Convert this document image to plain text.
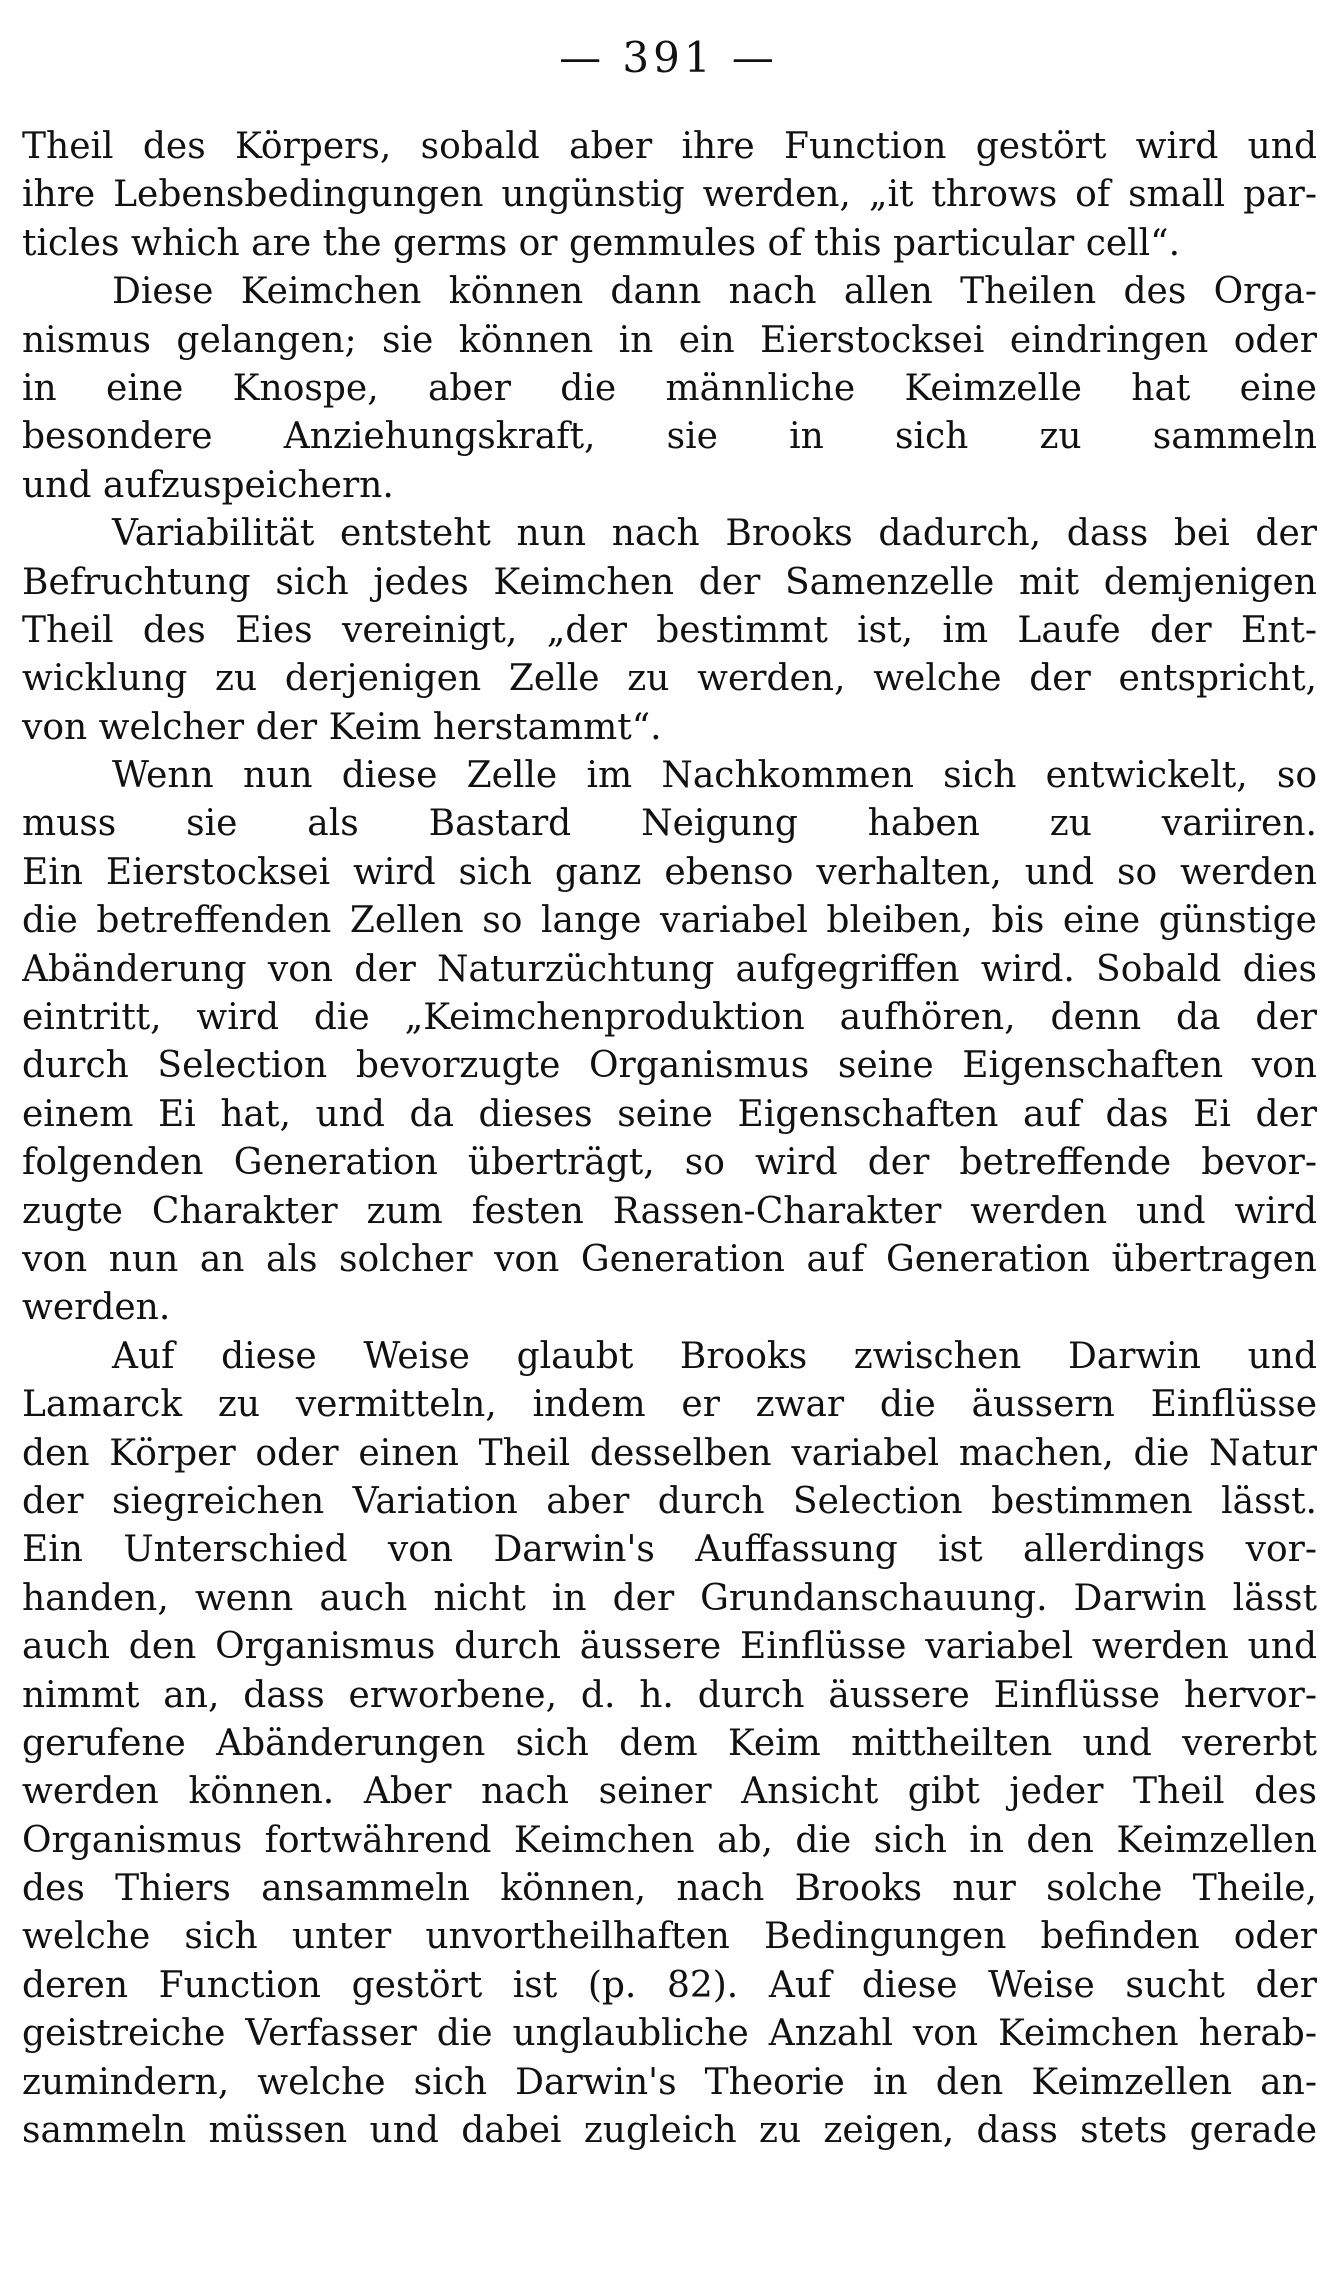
— 391 —
Theil des Körpers, sobald aber ihre Function gestört wird und
ihre Lebensbedingungen ungünstig werden, „it throws of small par-
ticles which are the germs or gemmules of this particular cell“.
Diese Keimchen können dann nach allen Theilen des Orga-
nismus gelangen; sie können in ein Eierstocksei eindringen oder
in eine Knospe, aber die männliche Keimzelle hat eine
besondere Anziehungskraft, sie in sich zu sammeln
und aufzuspeichern.
Variabilität entsteht nun nach Brooks dadurch, dass bei der
Befruchtung sich jedes Keimchen der Samenzelle mit demjenigen
Theil des Eies vereinigt, „der bestimmt ist, im Laufe der Ent-
wicklung zu derjenigen Zelle zu werden, welche der entspricht,
von welcher der Keim herstammt“.
Wenn nun diese Zelle im Nachkommen sich entwickelt, so
muss sie als Bastard Neigung haben zu variiren.
Ein Eierstocksei wird sich ganz ebenso verhalten, und so werden
die betreffenden Zellen so lange variabel bleiben, bis eine günstige
Abänderung von der Naturzüchtung aufgegriffen wird. Sobald dies
eintritt, wird die „Keimchenproduktion aufhören, denn da der
durch Selection bevorzugte Organismus seine Eigenschaften von
einem Ei hat, und da dieses seine Eigenschaften auf das Ei der
folgenden Generation überträgt, so wird der betreffende bevor-
zugte Charakter zum festen Rassen-Charakter werden und wird
von nun an als solcher von Generation auf Generation übertragen
werden.
Auf diese Weise glaubt Brooks zwischen Darwin und
Lamarck zu vermitteln, indem er zwar die äussern Einflüsse
den Körper oder einen Theil desselben variabel machen, die Natur
der siegreichen Variation aber durch Selection bestimmen lässt.
Ein Unterschied von Darwin's Auffassung ist allerdings vor-
handen, wenn auch nicht in der Grundanschauung. Darwin lässt
auch den Organismus durch äussere Einflüsse variabel werden und
nimmt an, dass erworbene, d. h. durch äussere Einflüsse hervor-
gerufene Abänderungen sich dem Keim mittheilten und vererbt
werden können. Aber nach seiner Ansicht gibt jeder Theil des
Organismus fortwährend Keimchen ab, die sich in den Keimzellen
des Thiers ansammeln können, nach Brooks nur solche Theile,
welche sich unter unvortheilhaften Bedingungen befinden oder
deren Function gestört ist (p. 82). Auf diese Weise sucht der
geistreiche Verfasser die unglaubliche Anzahl von Keimchen herab-
zumindern, welche sich Darwin's Theorie in den Keimzellen an-
sammeln müssen und dabei zugleich zu zeigen, dass stets gerade
